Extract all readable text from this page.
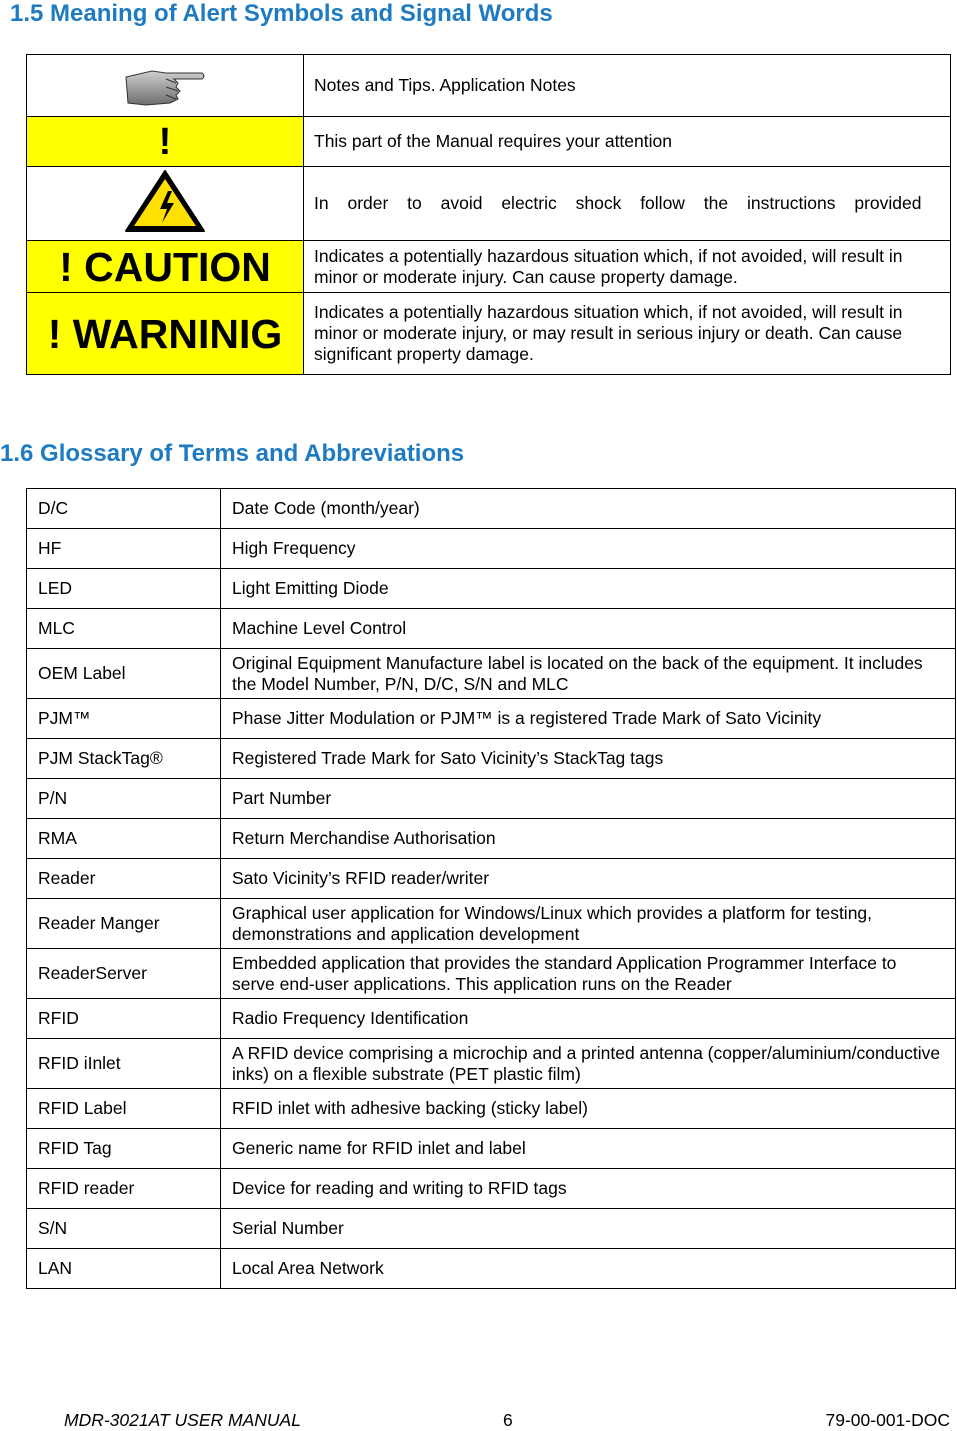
1.5 Meaning of Alert Symbols and Signal Words
	Notes and Tips. Application Notes
!	This part of the Manual requires your attention
	In order to avoid electric shock follow the instructions provided
! CAUTION	Indicates a potentially hazardous situation which, if not avoided, will result in minor or moderate injury. Can cause property damage.
! WARNINIG	Indicates a potentially hazardous situation which, if not avoided, will result in minor or moderate injury, or may result in serious injury or death. Can cause significant property damage.
1.6 Glossary of Terms and Abbreviations
D/C	Date Code (month/year)
HF	High Frequency
LED	Light Emitting Diode
MLC	Machine Level Control
OEM Label	Original Equipment Manufacture label is located on the back of the equipment. It includes the Model Number, P/N, D/C, S/N and MLC
PJM™	Phase Jitter Modulation or PJM™ is a registered Trade Mark of Sato Vicinity
PJM StackTag®	Registered Trade Mark for Sato Vicinity’s StackTag tags
P/N	Part Number
RMA	Return Merchandise Authorisation
Reader	Sato Vicinity’s RFID reader/writer
Reader Manger	Graphical user application for Windows/Linux which provides a platform for testing, demonstrations and application development
ReaderServer	Embedded application that provides the standard Application Programmer Interface to serve end-user applications. This application runs on the Reader
RFID	Radio Frequency Identification
RFID iInlet	A RFID device comprising a microchip and a printed antenna (copper/aluminium/conductive inks) on a flexible substrate (PET plastic film)
RFID Label	RFID inlet with adhesive backing (sticky label)
RFID Tag	Generic name for RFID inlet and label
RFID reader	Device for reading and writing to RFID tags
S/N	Serial Number
LAN	Local Area Network
MDR-3021AT USER MANUAL	6	79-00-001-DOC
